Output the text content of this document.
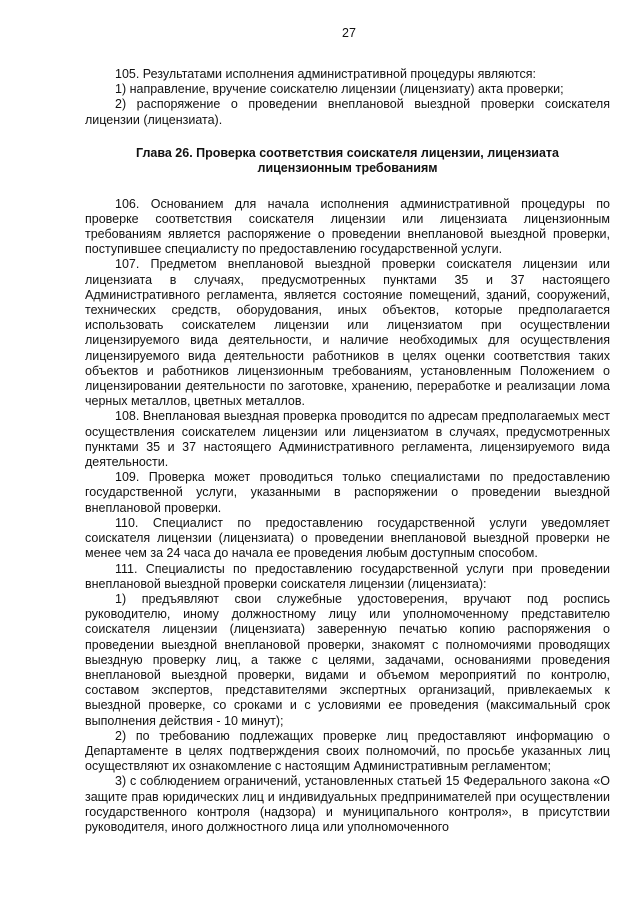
27

105. Результатами исполнения административной процедуры являются:

1) направление, вручение соискателю лицензии (лицензиату) акта проверки;

2) распоряжение о проведении внеплановой выездной проверки соискателя лицензии (лицензиата).

Глава 26. Проверка соответствия соискателя лицензии, лицензиата лицензионным требованиям

106. Основанием для начала исполнения административной процедуры по проверке соответствия соискателя лицензии или лицензиата лицензионным требованиям является распоряжение о проведении внеплановой выездной проверки, поступившее специалисту по предоставлению государственной услуги.

107. Предметом внеплановой выездной проверки соискателя лицензии или лицензиата в случаях, предусмотренных пунктами 35 и 37 настоящего Административного регламента, является состояние помещений, зданий, сооружений, технических средств, оборудования, иных объектов, которые предполагается использовать соискателем лицензии или лицензиатом при осуществлении лицензируемого вида деятельности, и наличие необходимых для осуществления лицензируемого вида деятельности работников в целях оценки соответствия таких объектов и работников лицензионным требованиям, установленным Положением о лицензировании деятельности по заготовке, хранению, переработке и реализации лома черных металлов, цветных металлов.

108. Внеплановая выездная проверка проводится по адресам предполагаемых мест осуществления соискателем лицензии или лицензиатом в случаях, предусмотренных пунктами 35 и 37 настоящего Административного регламента, лицензируемого вида деятельности.

109. Проверка может проводиться только специалистами по предоставлению государственной услуги, указанными в распоряжении о проведении выездной внеплановой проверки.

110. Специалист по предоставлению государственной услуги уведомляет соискателя лицензии (лицензиата) о проведении внеплановой выездной проверки не менее чем за 24 часа до начала ее проведения любым доступным способом.

111. Специалисты по предоставлению государственной услуги при проведении внеплановой выездной проверки соискателя лицензии (лицензиата):

1) предъявляют свои служебные удостоверения, вручают под роспись руководителю, иному должностному лицу или уполномоченному представителю соискателя лицензии (лицензиата) заверенную печатью копию распоряжения о проведении выездной внеплановой проверки, знакомят с полномочиями проводящих выездную проверку лиц, а также с целями, задачами, основаниями проведения внеплановой выездной проверки, видами и объемом мероприятий по контролю, составом экспертов, представителями экспертных организаций, привлекаемых к выездной проверке, со сроками и с условиями ее проведения (максимальный срок выполнения действия - 10 минут);

2) по требованию подлежащих проверке лиц предоставляют информацию о Департаменте в целях подтверждения своих полномочий, по просьбе указанных лиц осуществляют их ознакомление с настоящим Административным регламентом;

3) с соблюдением ограничений, установленных статьей 15 Федерального закона «О защите прав юридических лиц и индивидуальных предпринимателей при осуществлении государственного контроля (надзора) и муниципального контроля», в присутствии руководителя, иного должностного лица или уполномоченного
